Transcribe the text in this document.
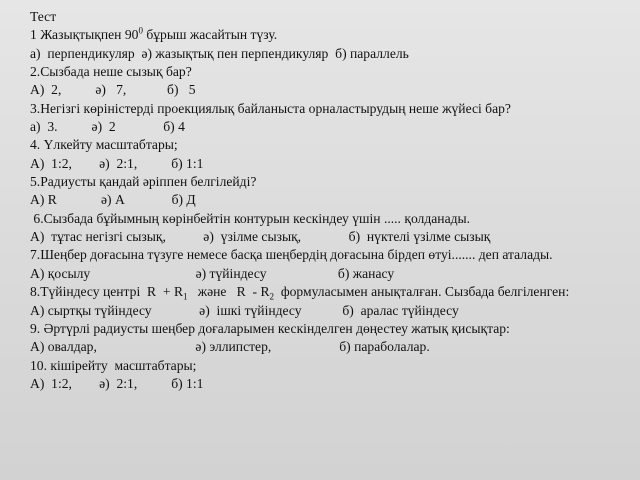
Тест
1 Жазықтықпен $90^0$ бұрыш жасайтын түзу.
а)  перпендикуляр  ә) жазықтық пен перпендикуляр  б) параллель
2.Сызбада неше сызық бар?
А)  2,          ә)   7,            б)   5
3.Негізгі көріністерді проекциялық байланыста орналастырудың неше жүйесі бар?
а)  3.          ә)  2              б) 4
4. Үлкейту масштабтары;
А)  1:2,        ә)  2:1,          б) 1:1
5.Радиусты қандай әріппен белгілейді?
А) R             ә) A              б) Д
6.Сызбада бұйымның көрінбейтін контурын кескіндеу үшін ..... қолданады.
А)  тұтас негізгі сызық,           ә)  үзілме сызық,              б)  нүктелі үзілме сызық
7.Шеңбер доғасына түзуге немесе басқа шеңбердің доғасына бірдеп өтуі....... деп аталады.
А) қосылу                               ә) түйіндесу                     б) жанасу
8.Түйіндесу центрі  $R + R_1$   және   R  - $R_2$  формуласымен анықталған. Сызбада белгіленген:
А) сыртқы түйіндесу              ә)  ішкі түйіндесу            б)  аралас түйіндесу
9. Әртүрлі радиусты шеңбер доғаларымен кескінделген дөңестеу жатық қисықтар:
А) овалдар,                             ә) эллипстер,                    б) параболалар.
10. кішірейту  масштабтары;
А)  1:2,        ә)  2:1,          б) 1:1
